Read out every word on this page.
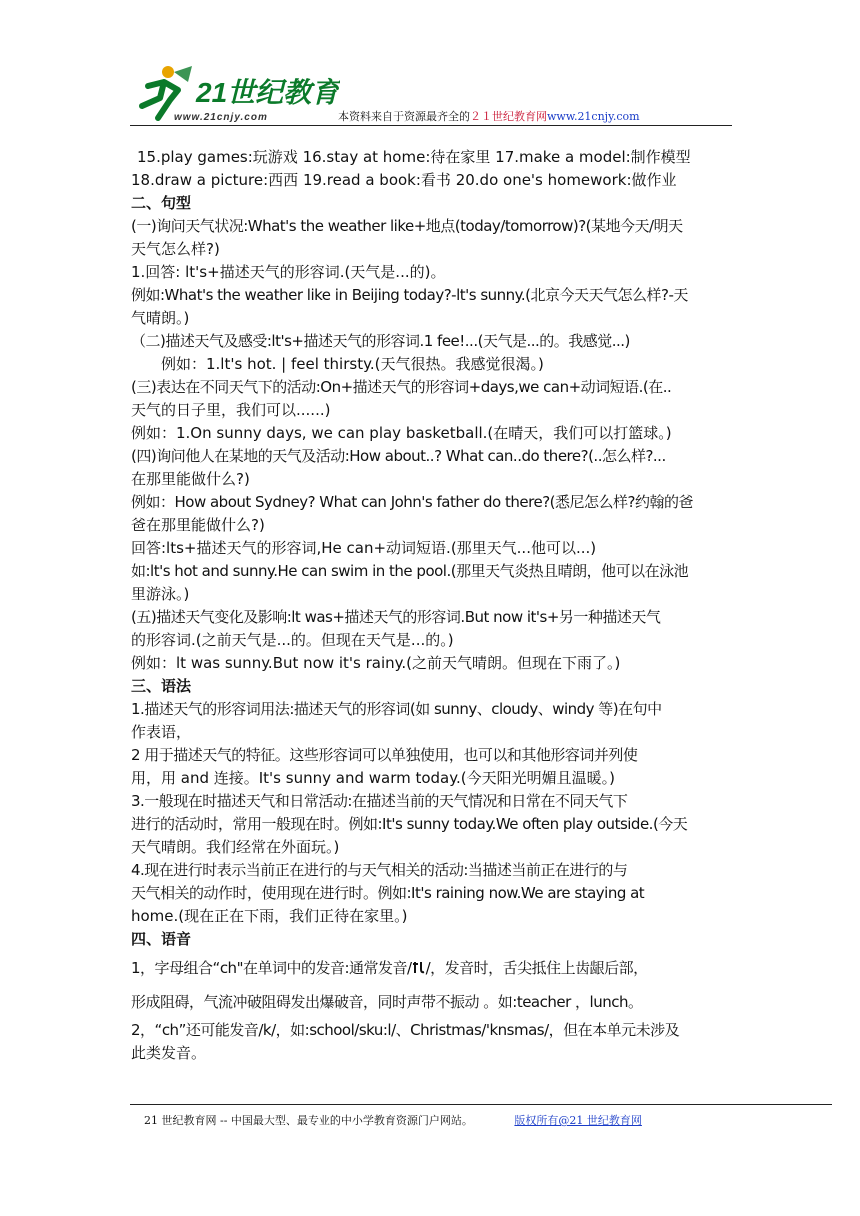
21世纪教育
www.21cnjy.com	本资料来自于资源最齐全的２１世纪教育网www.21cnjy.com
15.play games:玩游戏 16.stay at home:待在家里 17.make a model:制作模型
18.draw a picture:西西 19.read a book:看书 20.do one's homework:做作业
二、句型
(一)询问天气状况:What's the weather like+地点(today/tomorrow)?(某地今天/明天
天气怎么样?)
1.回答: lt's+描述天气的形容词.(天气是...的)。
例如:What's the weather like in Beijing today?-lt's sunny.(北京今天天气怎么样?-天
气晴朗。)
（二)描述天气及感受:lt's+描述天气的形容词.1 fee!...(天气是...的。我感觉...)
例如：1.lt's hot. | feel thirsty.(天气很热。我感觉很渴。)
(三)表达在不同天气下的活动:On+描述天气的形容词+days,we can+动词短语.(在..
天气的日子里，我们可以......)
例如：1.On sunny days, we can play basketball.(在晴天，我们可以打篮球。)
(四)询问他人在某地的天气及活动:How about..? What can..do there?(..怎么样?...
在那里能做什么?)
例如：How about Sydney? What can John's father do there?(悉尼怎么样?约翰的爸
爸在那里能做什么?)
回答:lts+描述天气的形容词,He can+动词短语.(那里天气...他可以...)
如:lt's hot and sunny.He can swim in the pool.(那里天气炎热且晴朗，他可以在泳池
里游泳。)
(五)描述天气变化及影响:lt was+描述天气的形容词.But now it's+另一种描述天气
的形容词.(之前天气是...的。但现在天气是...的。)
例如：lt was sunny.But now it's rainy.(之前天气晴朗。但现在下雨了。)
三、语法
1.描述天气的形容词用法:描述天气的形容词(如 sunny、cloudy、windy 等)在句中
作表语，
2 用于描述天气的特征。这些形容词可以单独使用，也可以和其他形容词并列使
用，用 and 连接。It's sunny and warm today.(今天阳光明媚且温暖。)
3.一般现在时描述天气和日常活动:在描述当前的天气情况和日常在不同天气下
进行的活动时，常用一般现在时。例如:It's sunny today.We often play outside.(今天
天气晴朗。我们经常在外面玩。)
4.现在进行时表示当前正在进行的与天气相关的活动:当描述当前正在进行的与
天气相关的动作时，使用现在进行时。例如:It's raining now.We are staying at
home.(现在正在下雨，我们正待在家里。)
四、语音
1，字母组合“ch"在单词中的发音:通常发音/ /，发音时，舌尖抵住上齿龈后部，
形成阻碍，气流冲破阻碍发出爆破音，同时声带不振动 。如:teacher ，lunch。
2，“ch”还可能发音/k/，如:school/sku:l/、Christmas/'knsmas/，但在本单元未涉及
此类发音。
21 世纪教育网 -- 中国最大型、最专业的中小学教育资源门户网站。	版权所有@21 世纪教育网
